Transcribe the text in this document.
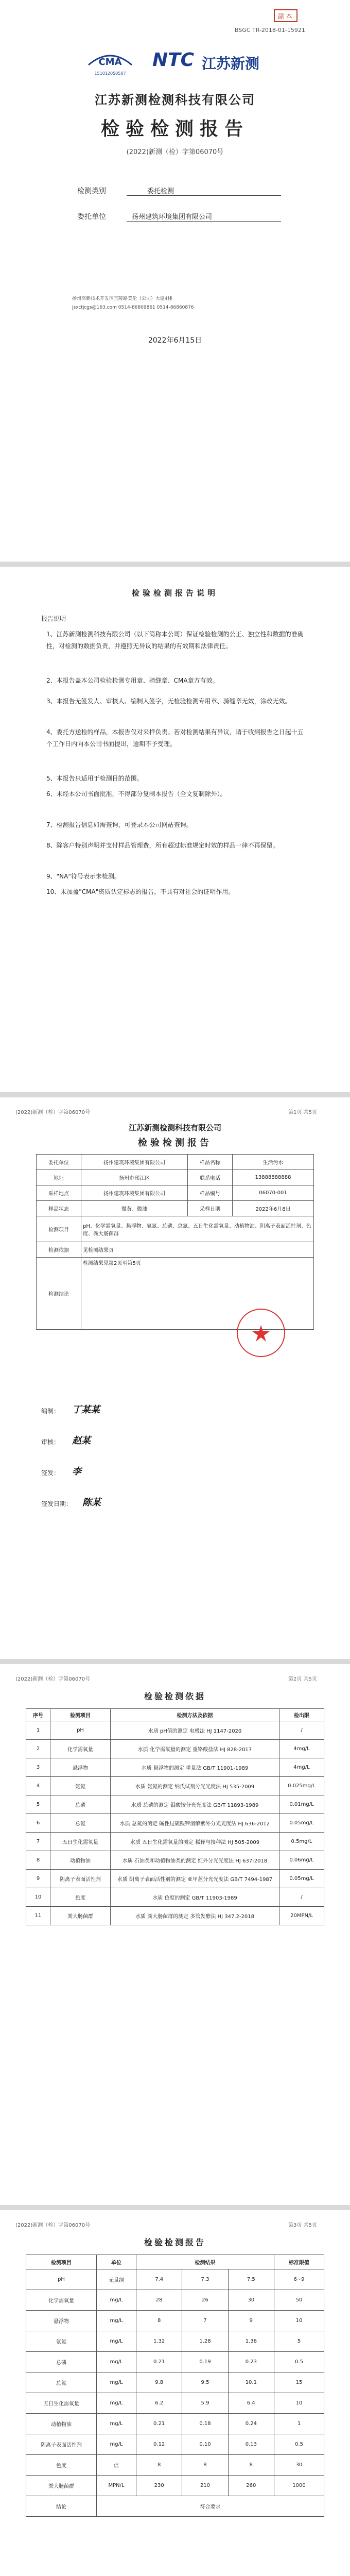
副本
BSGC TR-2018-01-15921
CMA
151012050507
NTC 江苏新测
江苏新测检测科技有限公司
检验检测报告
(2022)新测（检）字第06070号
检测类别	委托检测
委托单位	扬州建筑环境集团有限公司
扬州高新技术开发区宜陵路美伦（公司）大厦4楼
jsxctjcgs@163.com 0514-86809861 0514-86860876
2022年6月15日
检验检测报告说明
报告说明
1、江苏新测检测科技有限公司（以下简称本公司）保证检验检测的公正、独立性和数据的准确性，对检测的数据负责，并遵照无异议的结果的有效期和法律责任。
2、本报告盖本公司检验检测专用章、骑缝章、CMA章方有效。
3、本报告无签发人、审核人、编制人签字，无检验检测专用章、骑缝章无效，涂改无效。
4、委托方送检的样品，本报告仅对来样负责。若对检测结果有异议，请于收到报告之日起十五个工作日内向本公司书面提出，逾期不予受理。
5、本报告只适用于检测目的范围。
6、未经本公司书面批准，不得部分复制本报告（全文复制除外）。
7、检测报告信息如需查询，可登录本公司网站查询。
8、除客户特别声明并支付样品管理费，所有超过标准规定时效的样品一律不再保留。
9、"NA"符号表示未检测。
10、未加盖"CMA"资质认定标志的报告，不具有对社会的证明作用。
(2022)新测（检）字第06070号	第1页 共5页
江苏新测检测科技有限公司
检验检测报告
委托单位	扬州建筑环境集团有限公司	样品名称	生活污水
地址	扬州市邗江区	联系电话	13888888888
采样地点	扬州建筑环境集团有限公司	样品编号	06070-001
样品状态	微黄、微浊	采样日期	2022年6月8日
检测项目	pH、化学需氧量、悬浮物、氨氮、总磷、总氮、五日生化需氧量、动植物油、阴离子表面活性剂、色度、粪大肠菌群		
检测依据	见检测结果页		
检测结论	检测结果见第2页至第5页		
编制： 丁某某
审核： 赵某
签发： 李
签发日期： 陈某
(2022)新测（检）字第06070号	第2页 共5页
检验检测依据
序号	检测项目	检测方法及依据	检出限
1	pH	水质 pH值的测定 电极法 HJ 1147-2020	/
2	化学需氧量	水质 化学需氧量的测定 重铬酸盐法 HJ 828-2017	4mg/L
3	悬浮物	水质 悬浮物的测定 重量法 GB/T 11901-1989	4mg/L
4	氨氮	水质 氨氮的测定 纳氏试剂分光光度法 HJ 535-2009	0.025mg/L
5	总磷	水质 总磷的测定 钼酸铵分光光度法 GB/T 11893-1989	0.01mg/L
6	总氮	水质 总氮的测定 碱性过硫酸钾消解紫外分光光度法 HJ 636-2012	0.05mg/L
7	五日生化需氧量	水质 五日生化需氧量的测定 稀释与接种法 HJ 505-2009	0.5mg/L
8	动植物油	水质 石油类和动植物油类的测定 红外分光光度法 HJ 637-2018	0.06mg/L
9	阴离子表面活性剂	水质 阴离子表面活性剂的测定 亚甲蓝分光光度法 GB/T 7494-1987	0.05mg/L
10	色度	水质 色度的测定 GB/T 11903-1989	/
11	粪大肠菌群	水质 粪大肠菌群的测定 多管发酵法 HJ 347.2-2018	20MPN/L
(2022)新测（检）字第06070号	第3页 共5页
检验检测报告
检测项目	单位	检测结果			标准限值
pH	无量纲	7.4	7.3	7.5	6~9
化学需氧量	mg/L	28	26	30	50
悬浮物	mg/L	8	7	9	10
氨氮	mg/L	1.32	1.28	1.36	5
总磷	mg/L	0.21	0.19	0.23	0.5
总氮	mg/L	9.8	9.5	10.1	15
五日生化需氧量	mg/L	6.2	5.9	6.4	10
动植物油	mg/L	0.21	0.18	0.24	1
阴离子表面活性剂	mg/L	0.12	0.10	0.13	0.5
色度	倍	8	8	8	30
粪大肠菌群	MPN/L	230	210	260	1000
结论	符合要求				
